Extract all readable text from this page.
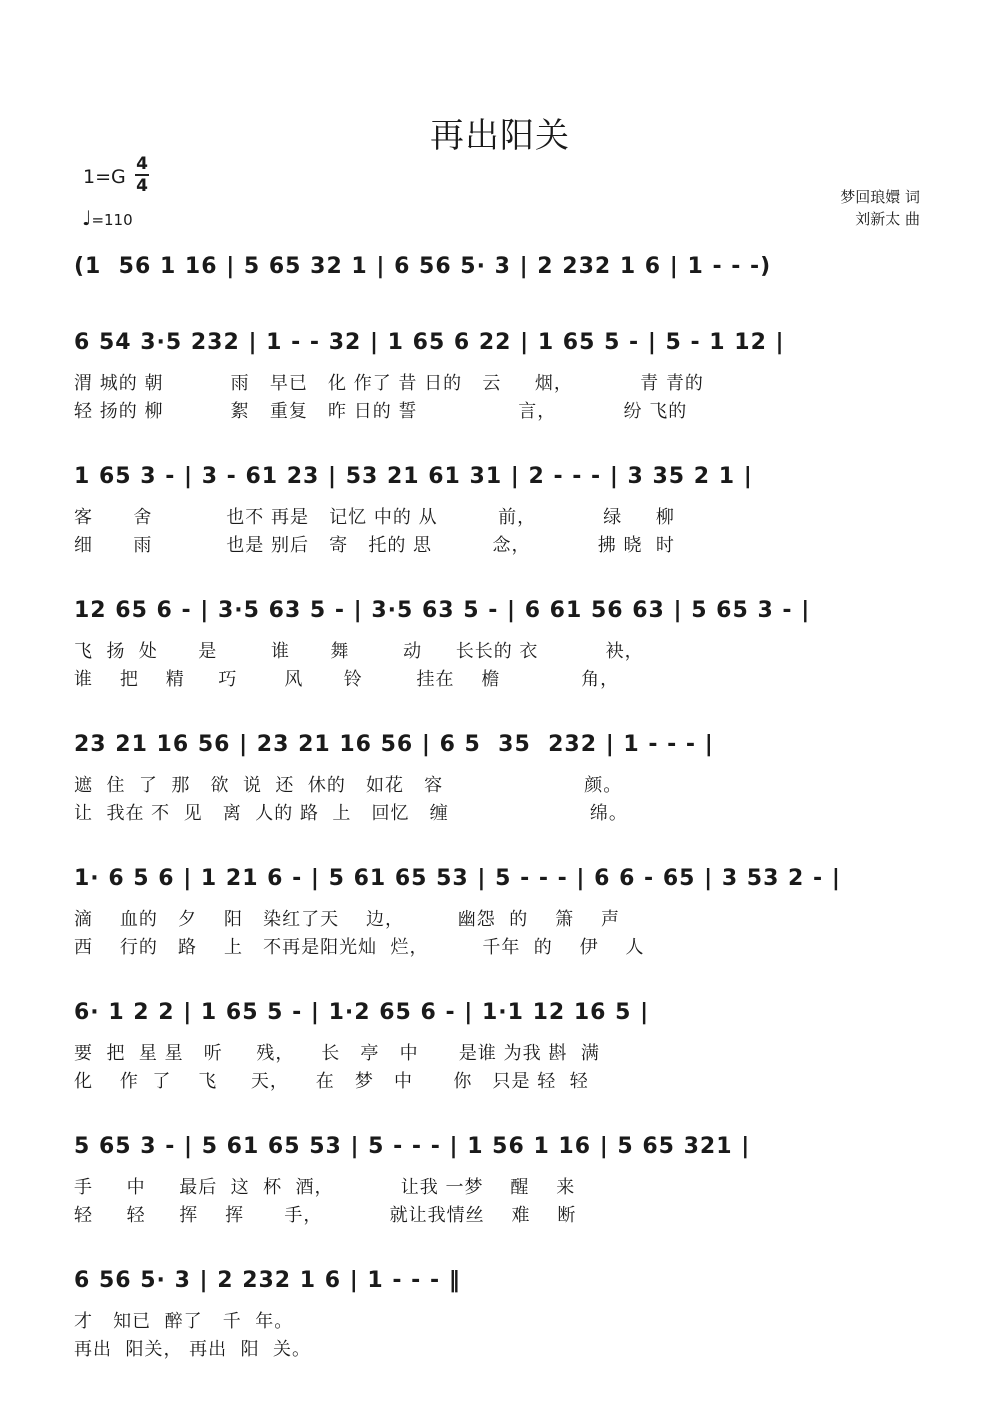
再出阳关
1=G
4
4
♩=110
梦回琅嬛 词
刘新太 曲
(1  56 1 16 | 5 65 32 1 | 6 56 5· 3 | 2 232 1 6 | 1 - - -)
6 54 3·5 232 | 1 - - 32 | 1 65 6 22 | 1 65 5 - | 5 - 1 12 |
渭 城的 朝          雨   早已   化 作了 昔 日的   云     烟，          青 青的
轻 扬的 柳          絮   重复   昨 日的 誓               言，          纷 飞的
1 65 3 - | 3 - 61 23 | 53 21 61 31 | 2 - - - | 3 35 2 1 |
客      舍           也不 再是   记忆 中的 从         前，          绿     柳
细      雨           也是 别后   寄   托的 思         念，          拂 晓  时
12 65 6 - | 3·5 63 5 - | 3·5 63 5 - | 6 61 56 63 | 5 65 3 - |
飞  扬  处      是        谁      舞        动     长长的 衣          袂，
谁    把    精     巧       风      铃        挂在    檐            角，
23 21 16 56 | 23 21 16 56 | 6 5  35  232 | 1 - - - |
遮  住  了  那   欲  说  还  休的   如花   容                     颜。
让  我在 不  见   离  人的 路  上   回忆   缠                     绵。
1· 6 5 6 | 1 21 6 - | 5 61 65 53 | 5 - - - | 6 6 - 65 | 3 53 2 - |
滴    血的   夕    阳   染红了天    边，        幽怨  的    箫    声
西    行的   路    上   不再是阳光灿  烂，        千年  的    伊    人
6· 1 2 2 | 1 65 5 - | 1·2 65 6 - | 1·1 12 16 5 |
要  把  星 星   听     残，    长   亭   中      是谁 为我 斟  满
化    作  了    飞     天，    在   梦   中      你   只是 轻  轻
5 65 3 - | 5 61 65 53 | 5 - - - | 1 56 1 16 | 5 65 321 |
手     中     最后  这  杯  酒，          让我 一梦    醒    来
轻     轻     挥    挥      手，          就让我情丝    难    断
6 56 5· 3 | 2 232 1 6 | 1 - - - ‖
才   知已  醉了   千  年。
再出  阳关， 再出  阳  关。
